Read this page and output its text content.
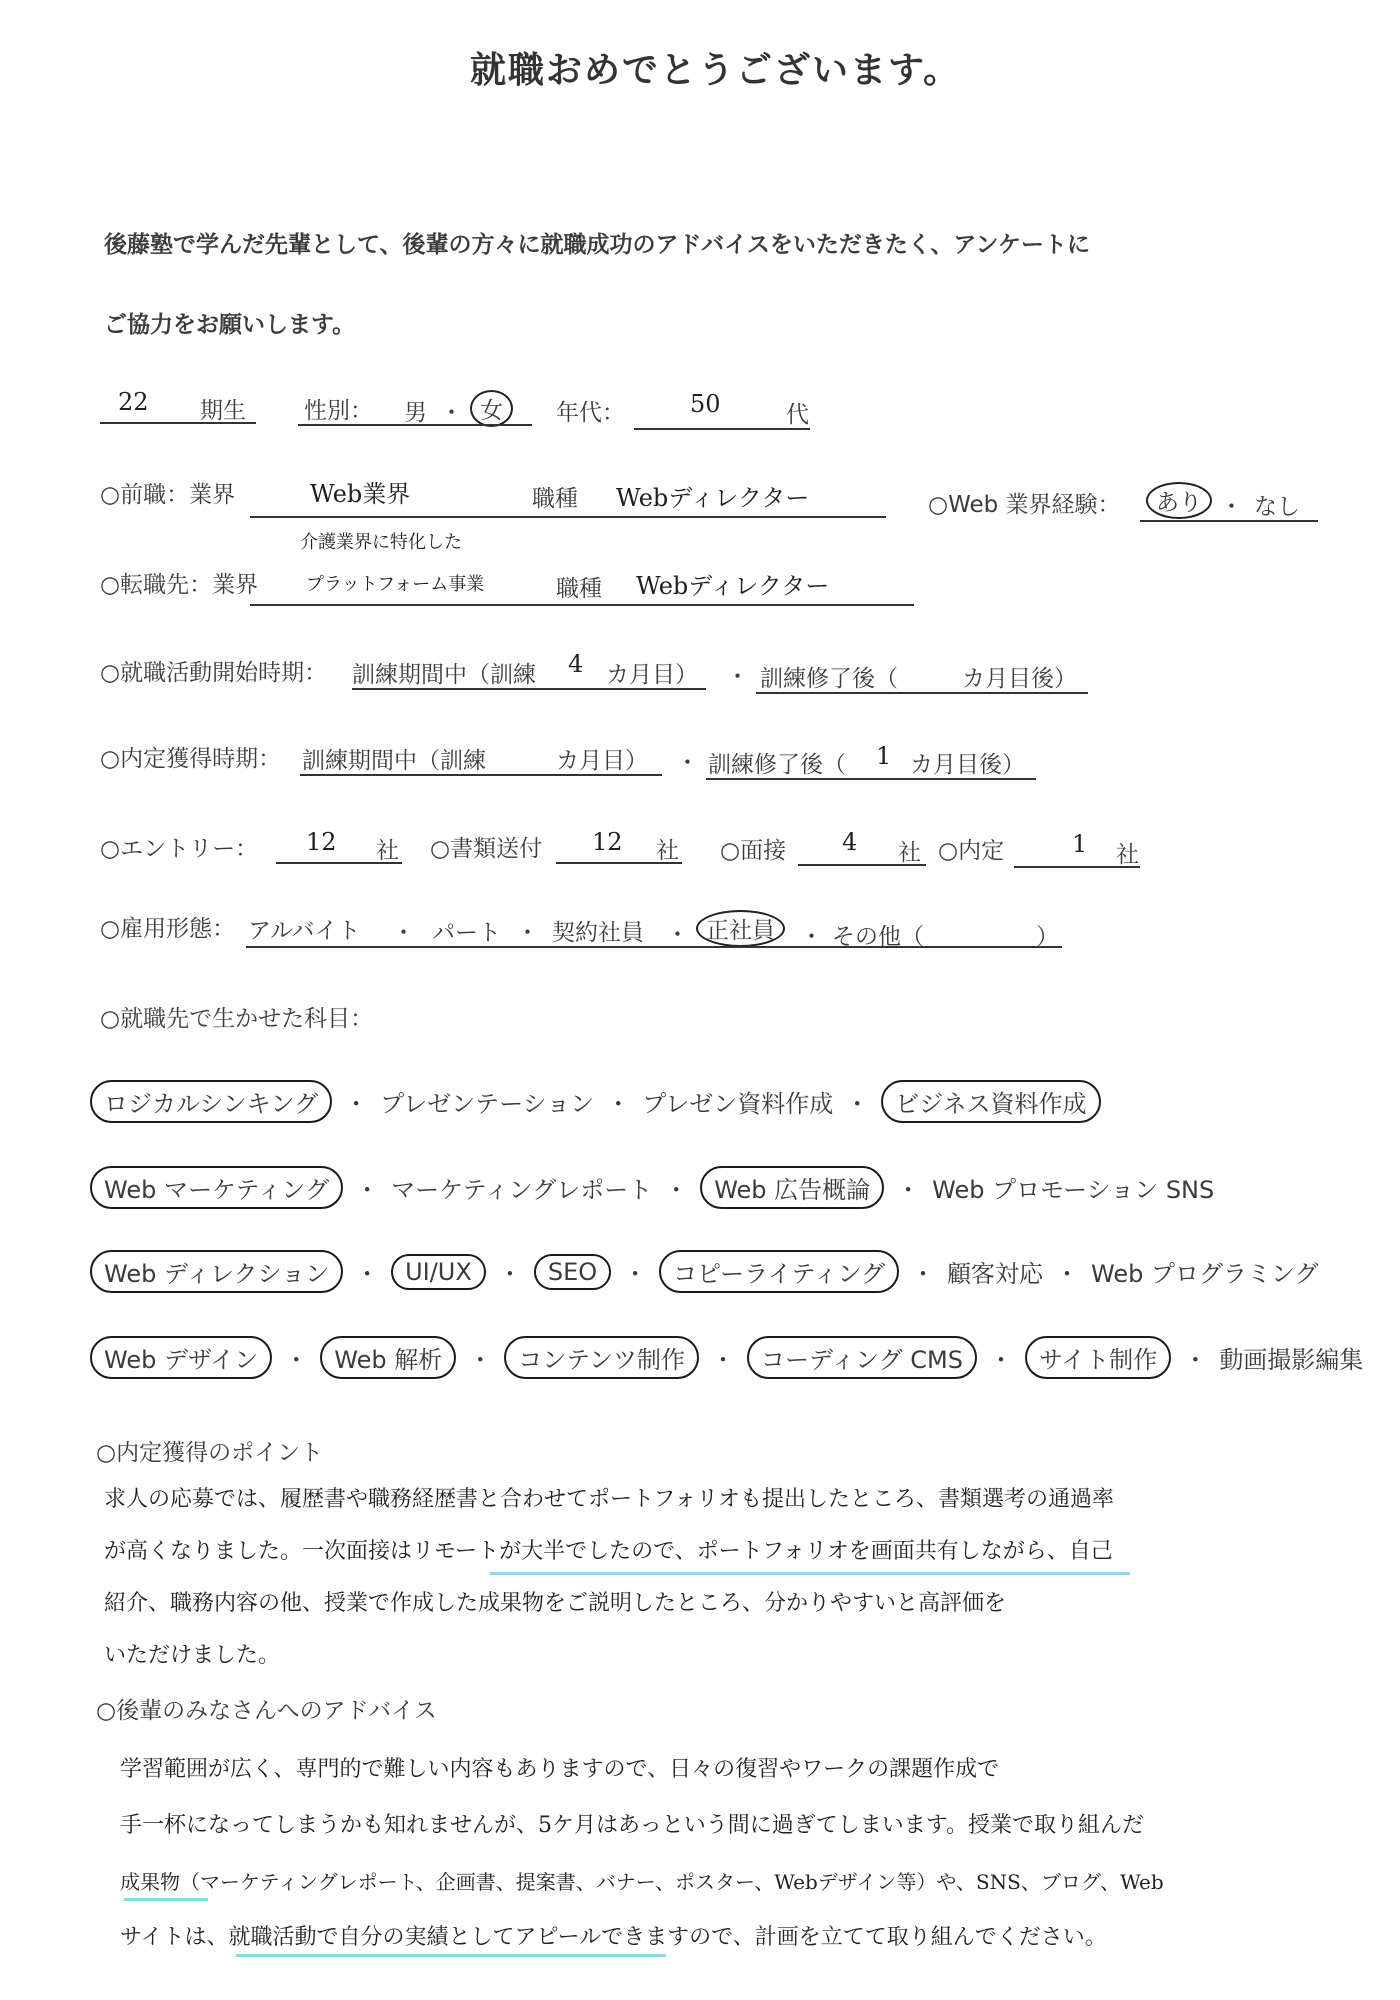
就職おめでとうございます。
後藤塾で学んだ先輩として、後輩の方々に就職成功のアドバイスをいただきたく、アンケートに
ご協力をお願いします。
22 期生	性別： 男 ・ 女	年代：	50	代
○前職：業界	Web業界	職種 Webディレクター	○Web 業界経験：	あり ・ なし
介護業界に特化した
○転職先：業界	プラットフォーム事業	職種 Webディレクター
○就職活動開始時期： 訓練期間中（訓練 4 カ月目） ・ 訓練修了後（	カ月目後）
○内定獲得時期： 訓練期間中（訓練	カ月目） ・ 訓練修了後（ 1 カ月目後）
○エントリー： 12 社 ○書類送付 12 社 ○面接 4 社 ○内定	1 社
○雇用形態： アルバイト ・ パート ・ 契約社員 ・ 正社員	・ その他（	）
○就職先で生かせた科目：
ロジカルシンキング	・ プレゼンテーション ・ プレゼン資料作成 ・	ビジネス資料作成
Web マーケティング	・ マーケティングレポート ・	Web 広告概論	・ Web プロモーション SNS
Web ディレクション	・	UI/UX	・	SEO	・	コピーライティング	・ 顧客対応 ・ Web プログラミング
Web デザイン	・	Web 解析	・	コンテンツ制作	・	コーディング CMS	・	サイト制作	・ 動画撮影編集
○内定獲得のポイント
求人の応募では、履歴書や職務経歴書と合わせてポートフォリオも提出したところ、書類選考の通過率
が高くなりました。一次面接はリモートが大半でしたので、ポートフォリオを画面共有しながら、自己
紹介、職務内容の他、授業で作成した成果物をご説明したところ、分かりやすいと高評価を
いただけました。
○後輩のみなさんへのアドバイス
学習範囲が広く、専門的で難しい内容もありますので、日々の復習やワークの課題作成で
手一杯になってしまうかも知れませんが、5ケ月はあっという間に過ぎてしまいます。授業で取り組んだ
成果物（マーケティングレポート、企画書、提案書、バナー、ポスター、Webデザイン等）や、SNS、ブログ、Web
サイトは、就職活動で自分の実績としてアピールできますので、計画を立てて取り組んでください。
